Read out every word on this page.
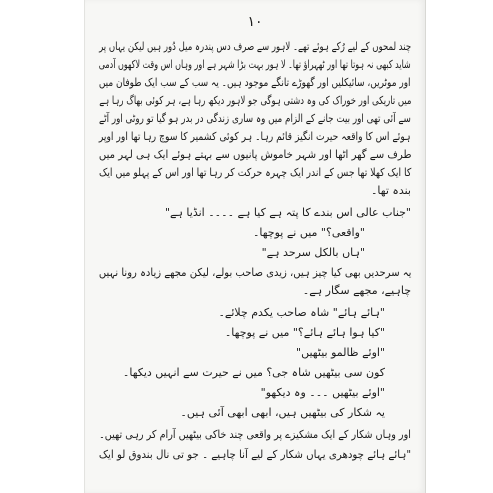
۱۰
چند لمحوں کے لیے رُکے ہوئے تھے۔ لاہور سے صرف دس پندرہ میل دُور ہیں لیکن یہاں پر
شاید کبھی نہ ہوتا تھا اور ٹھہراؤ تھا۔ لا ہور بہت بڑا شہر ہے اور وہاں اس وقت لاکھوں آدمی
اور موٹریں، سائیکلیں اور گھوڑے تانگے موجود ہیں۔ یہ سب کے سب ایک طوفان میں
میں تاریکی اور خوراک کی وہ دشتی ہوگی جو لاہور دیکھ رہا ہے، ہر کوئی بھاگ رہا ہے
سے آئی تھی اور بیت جانے کے الزام میں وہ ساری زندگی در بدر ہو گیا تو روٹی اور آٹے
ہوئے اس کا واقعہ حیرت انگیز قائم رہا۔ ہر کوئی کشمیر کا سوچ رہا تھا اور اوپر
طرف سے گھر اٹھا اور شہر خاموش پانیوں سے بہتے ہوئے ایک ہی لہر میں
کا ایک کھلا تھا جس کے اندر ایک چہرہ حرکت کر رہا تھا اور اس کے پہلو میں ایک
بندہ تھا۔
"جناب عالی اس بندے کا پتہ ہے کیا ہے ۔۔۔۔ انڈیا ہے"
"واقعی؟" میں نے پوچھا۔
"ہاں بالکل سرحد ہے"
یہ سرحدیں بھی کیا چیز ہیں، زیدی صاحب بولے، لیکن مجھے زیادہ رونا نہیں
چاہیے، مجھے سگار ہے۔
"ہائے ہائے" شاہ صاحب یکدم چلائے۔
"کیا ہوا ہائے ہائے؟" میں نے پوچھا۔
"اوئے ظالمو بیٹھیں"
کون سی بیٹھیں شاہ جی؟ میں نے حیرت سے انہیں دیکھا۔
"اوئے بیٹھیں ۔۔۔ وہ دیکھو"
یہ شکار کی بیٹھیں ہیں، ابھی ابھی آئی ہیں۔
اور وہاں شکار کے ایک مشکیزے پر واقعی چند خاکی بیٹھیں آرام کر رہی تھیں۔
"ہائے ہائے چودھری یہاں شکار کے لیے آنا چاہیے ۔ جو تی نال بندوق لو ایک
